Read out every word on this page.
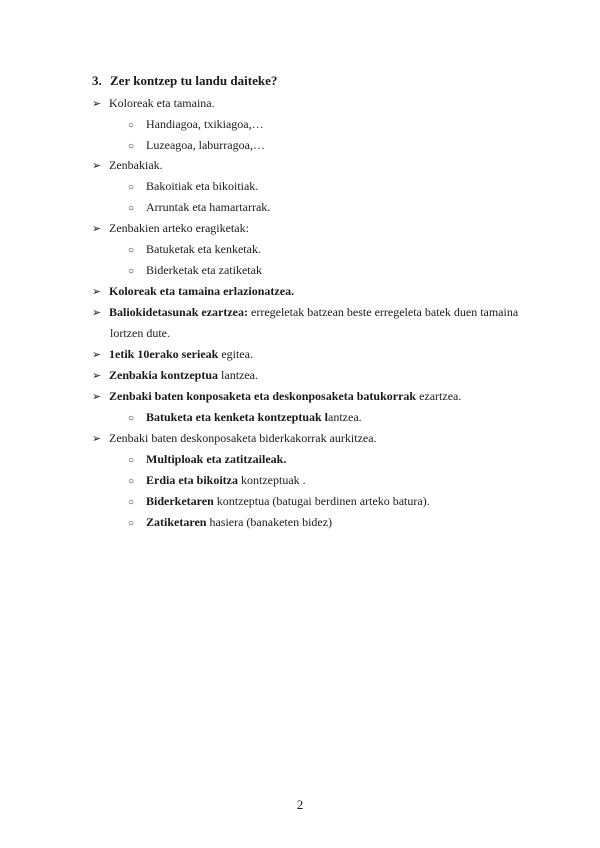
3. Zer kontzep tu landu daiteke?
➢ Koloreak eta tamaina.
○ Handiagoa, txikiagoa,…
○ Luzeagoa, laburragoa,…
➢ Zenbakiak.
○ Bakoitiak eta bikoitiak.
○ Arruntak eta hamartarrak.
➢ Zenbakien arteko eragiketak:
○ Batuketak eta kenketak.
○ Biderketak eta zatiketak
➢ Koloreak eta tamaina erlazionatzea.
➢ Baliokidetasunak ezartzea: erregeletak batzean beste erregeleta batek duen tamaina
lortzen dute.
➢ 1etik 10erako serieak egitea.
➢ Zenbakia kontzeptua lantzea.
➢ Zenbaki baten konposaketa eta deskonposaketa batukorrak ezartzea.
○ Batuketa eta kenketa kontzeptuak lantzea.
➢ Zenbaki baten deskonposaketa biderkakorrak aurkitzea.
○ Multiploak eta zatitzaileak.
○ Erdia eta bikoitza kontzeptuak .
○ Biderketaren kontzeptua (batugai berdinen arteko batura).
○ Zatiketaren hasiera (banaketen bidez)
2
